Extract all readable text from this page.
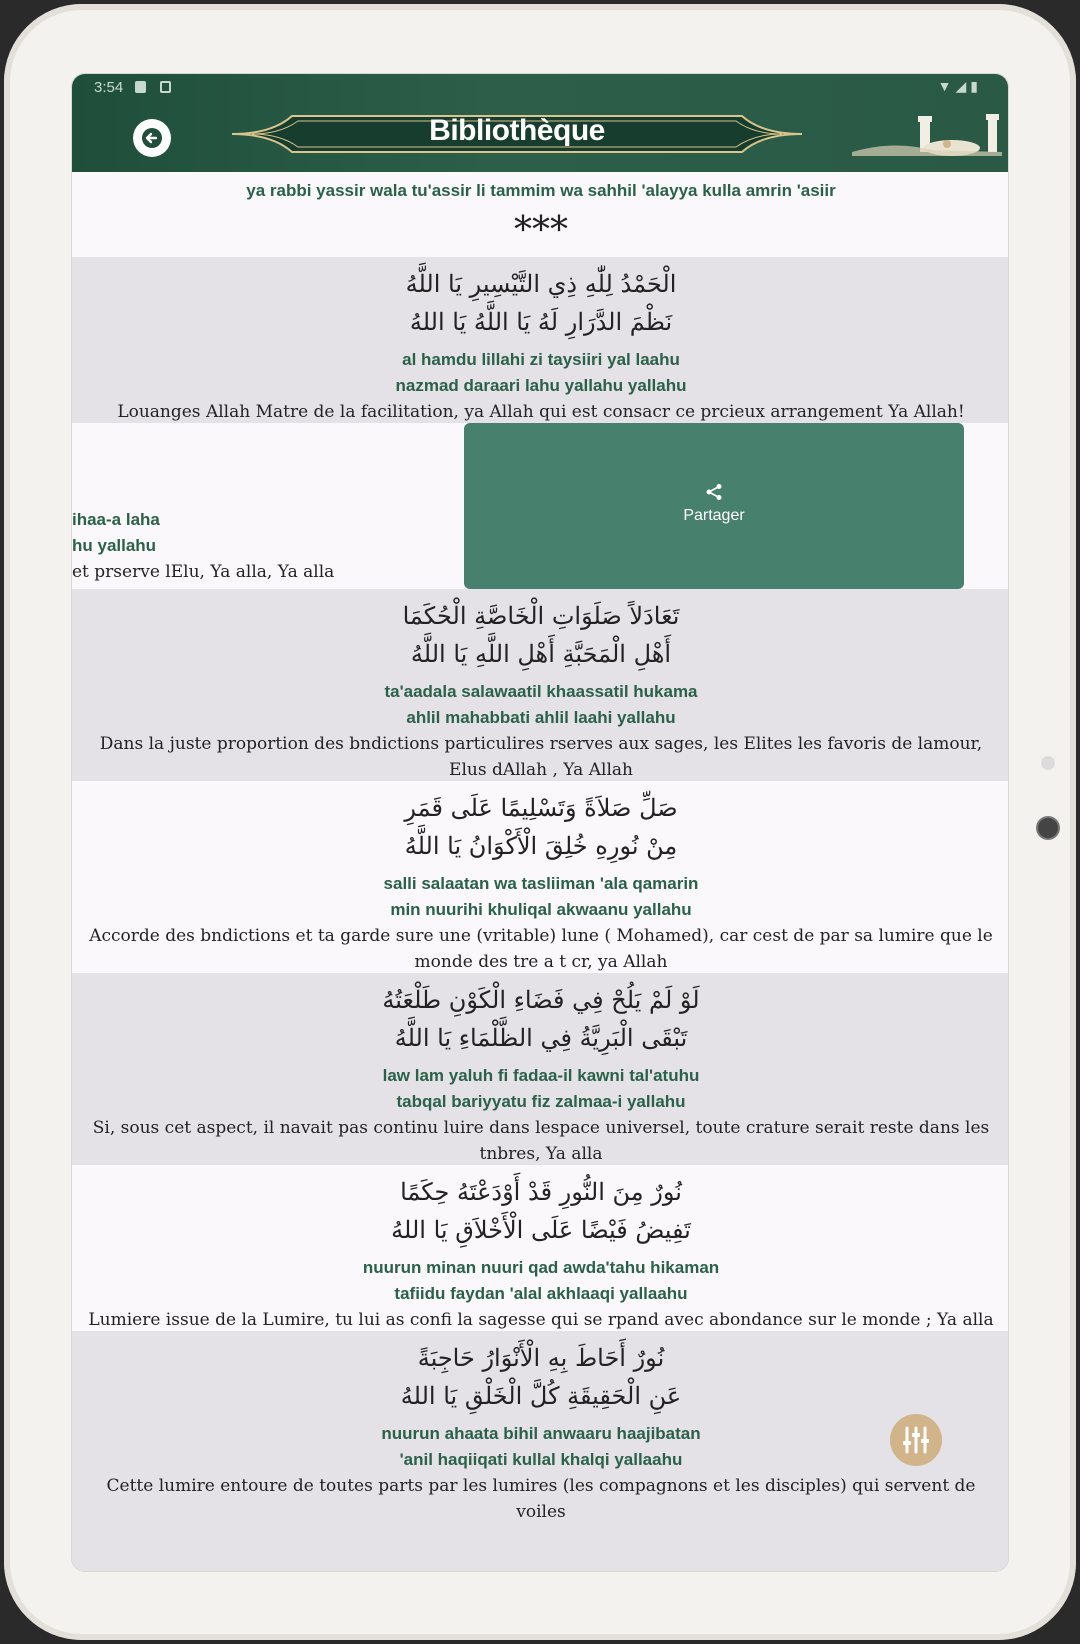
ya rabbi yassir wala tu'assir li tammim wa sahhil 'alayya kulla amrin 'asiir
***
الْحَمْدُ لِلّٰهِ ذِي التَّيْسِيرِ يَا اللَّهُ
نَظْمَ الدَّرَارِ لَهُ يَا اللَّهُ يَا اللهُ
al hamdu lillahi zi taysiiri yal laahu
nazmad daraari lahu yallahu yallahu
Louanges Allah Matre de la facilitation, ya Allah qui est consacr ce prcieux arrangement Ya Allah!
ihaa-a laha
hu yallahu
et prserve lElu, Ya alla, Ya alla
Partager
تَعَادَلاً صَلَوَاتِ الْخَاصَّةِ الْحُكَمَا
أَهْلِ الْمَحَبَّةِ أَهْلِ اللَّهِ يَا اللَّهُ
ta'aadala salawaatil khaassatil hukama
ahlil mahabbati ahlil laahi yallahu
Dans la juste proportion des bndictions particulires rserves aux sages, les Elites les favoris de lamour, Elus dAllah , Ya Allah
صَلِّ صَلاَةً وَتَسْلِيمًا عَلَى قَمَرِ
مِنْ نُورِهِ خُلِقَ الْأَكْوَانُ يَا اللَّهُ
salli salaatan wa tasliiman 'ala qamarin
min nuurihi khuliqal akwaanu yallahu
Accorde des bndictions et ta garde sure une (vritable) lune ( Mohamed), car cest de par sa lumire que le monde des tre a t cr, ya Allah
لَوْ لَمْ يَلُحْ فِي فَضَاءِ الْكَوْنِ طَلْعَتُهُ
تَبْقَى الْبَرِيَّةُ فِي الظَّلْمَاءِ يَا اللَّهُ
law lam yaluh fi fadaa-il kawni tal'atuhu
tabqal bariyyatu fiz zalmaa-i yallahu
Si, sous cet aspect, il navait pas continu luire dans lespace universel, toute crature serait reste dans les tnbres, Ya alla
نُورٌ مِنَ النُّورِ قَدْ أَوْدَعْتَهُ حِكَمًا
تَفِيضُ فَيْضًا عَلَى الْأَخْلاَقِ يَا اللهُ
nuurun minan nuuri qad awda'tahu hikaman
tafiidu faydan 'alal akhlaaqi yallaahu
Lumiere issue de la Lumire, tu lui as confi la sagesse qui se rpand avec abondance sur le monde ; Ya alla
نُورٌ أَحَاطَ بِهِ الْأَنْوَارُ حَاجِبَةً
عَنِ الْحَقِيقَةِ كُلَّ الْخَلْقِ يَا اللهُ
nuurun ahaata bihil anwaaru haajibatan
'anil haqiiqati kullal khalqi yallaahu
Cette lumire entoure de toutes parts par les lumires (les compagnons et les disciples) qui servent de voiles
3:54	▼◢▮
Bibliothèque
